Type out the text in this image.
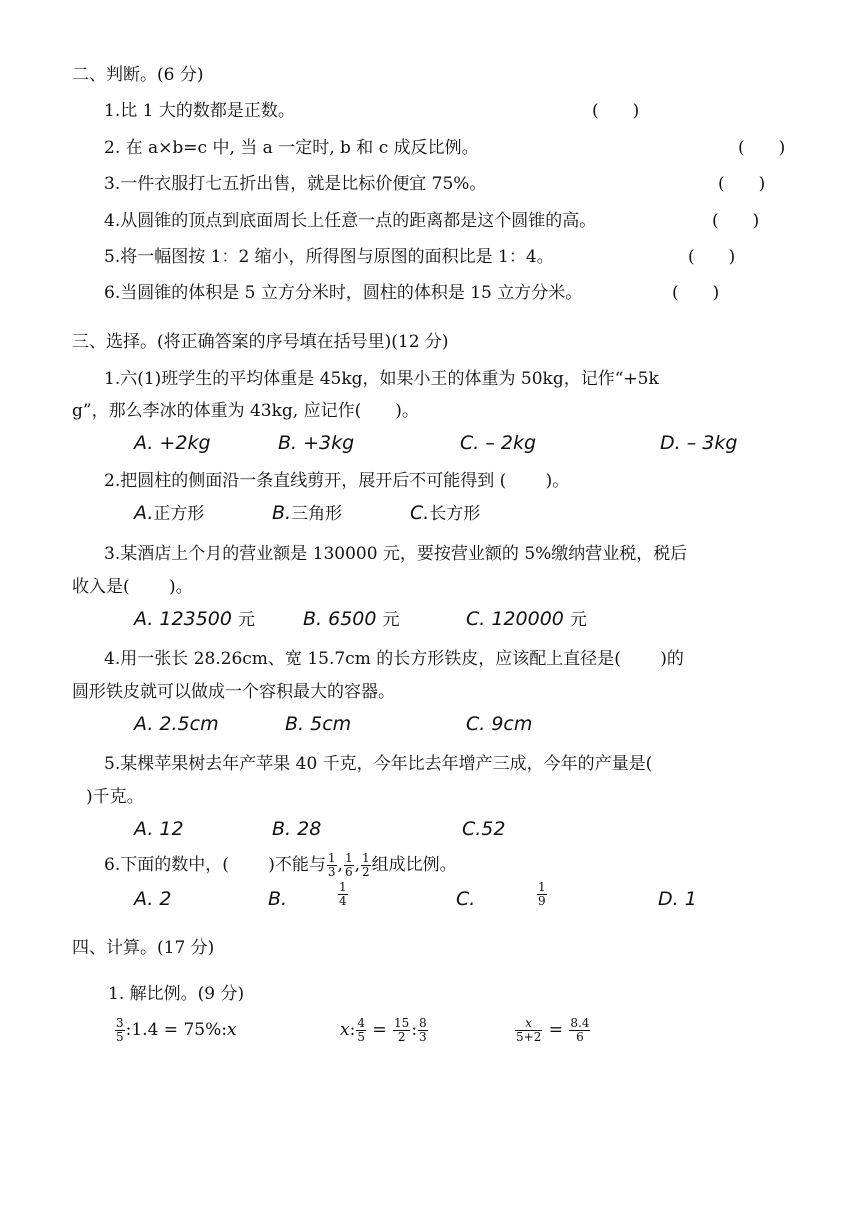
二、判断。(6 分)
1.比 1 大的数都是正数。	(　　)
2. 在 a×b=c 中, 当 a 一定时, b 和 c 成反比例。	(　　)
3.一件衣服打七五折出售，就是比标价便宜 75%。	(　　)
4.从圆锥的顶点到底面周长上任意一点的距离都是这个圆锥的高。	(　　)
5.将一幅图按 1：2 缩小，所得图与原图的面积比是 1：4。	(　　)
6.当圆锥的体积是 5 立方分米时，圆柱的体积是 15 立方分米。	(　　)
三、选择。(将正确答案的序号填在括号里)(12 分)
1.六(1)班学生的平均体重是 45kg，如果小王的体重为 50kg，记作“+5k
g”，那么李冰的体重为 43kg, 应记作(　　)。
A. +2kg	B. +3kg	C. – 2kg	D. – 3kg
2.把圆柱的侧面沿一条直线剪开，展开后不可能得到 (　　 )。
A.正方形	B.三角形	C.长方形
3.某酒店上个月的营业额是 130000 元，要按营业额的 5%缴纳营业税，税后
收入是(　　 )。
A. 123500 元	B. 6500 元	C. 120000 元
4.用一张长 28.26cm、宽 15.7cm 的长方形铁皮，应该配上直径是(　　 )的
圆形铁皮就可以做成一个容积最大的容器。
A. 2.5cm	B. 5cm	C. 9cm
5.某棵苹果树去年产苹果 40 千克，今年比去年增产三成，今年的产量是(
)千克。
A. 12	B. 28	C.52
6.下面的数中，(　　 )不能与 $\frac{1}{3}$ , $\frac{1}{6}$ , $\frac{1}{2}$ 组成比例。
A. 2	B.	$\frac{1}{4}$	C.	$\frac{1}{9}$	D. 1
四、计算。(17 分)
1. 解比例。(9 分)
$\frac{3}{5}$ :1.4 = 75%:x	x: $\frac{4}{5} = \frac{15}{2}$ : $\frac{8}{3}$	$\frac{x}{5+2} = \frac{8.4}{6}$
